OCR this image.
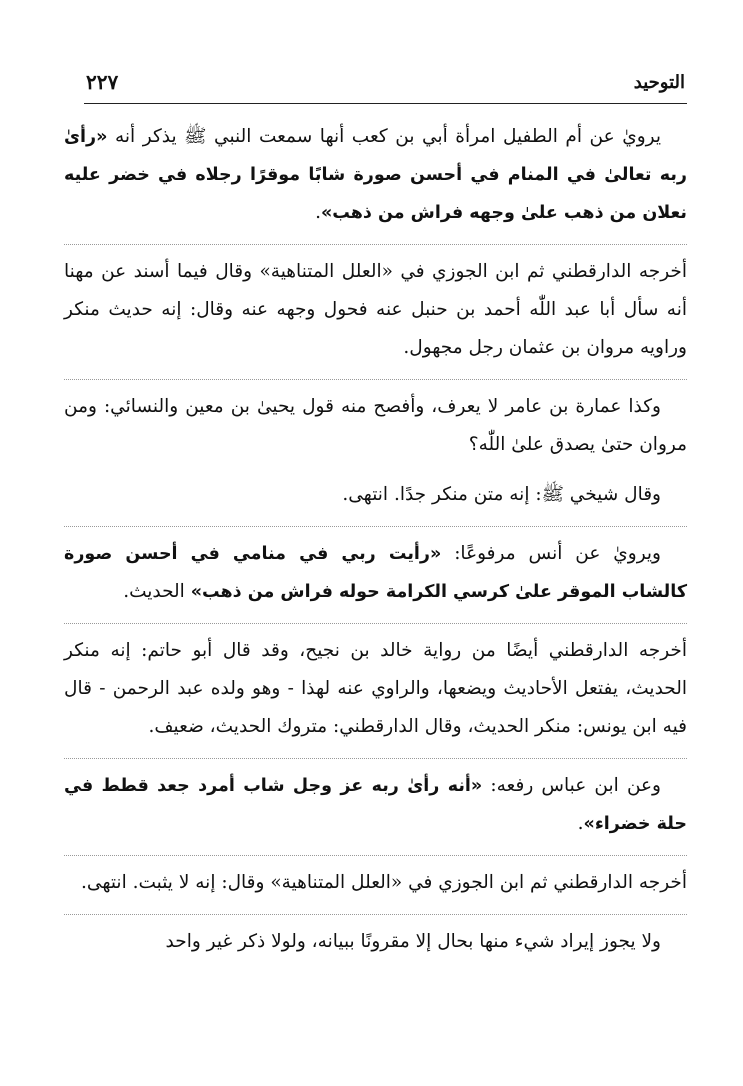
التوحيد
٢٢٧

يرويٰ عن أم الطفيل امرأة أبي بن كعب أنها سمعت النبي ﷺ يذكر أنه «رأىٰ ربه تعالىٰ في المنام في أحسن صورة شابًا موقرًا رجلاه في خضر عليه نعلان من ذهب علىٰ وجهه فراش من ذهب».

أخرجه الدارقطني ثم ابن الجوزي في «العلل المتناهية» وقال فيما أسند عن مهنا أنه سأل أبا عبد اللّٰه أحمد بن حنبل عنه فحول وجهه عنه وقال: إنه حديث منكر وراويه مروان بن عثمان رجل مجهول.

وكذا عمارة بن عامر لا يعرف، وأفصح منه قول يحيىٰ بن معين والنسائي: ومن مروان حتىٰ يصدق علىٰ اللّٰه؟

وقال شيخي ﷺ: إنه متن منكر جدًا. انتهى.

ويرويٰ عن أنس مرفوعًا: «رأيت ربي في منامي في أحسن صورة كالشاب الموقر علىٰ كرسي الكرامة حوله فراش من ذهب» الحديث.

أخرجه الدارقطني أيضًا من رواية خالد بن نجيح، وقد قال أبو حاتم: إنه منكر الحديث، يفتعل الأحاديث ويضعها، والراوي عنه لهذا - وهو ولده عبد الرحمن - قال فيه ابن يونس: منكر الحديث، وقال الدارقطني: متروك الحديث، ضعيف.

وعن ابن عباس رفعه: «أنه رأىٰ ربه عز وجل شاب أمرد جعد قطط في حلة خضراء».

أخرجه الدارقطني ثم ابن الجوزي في «العلل المتناهية» وقال: إنه لا يثبت. انتهى.

ولا يجوز إيراد شيء منها بحال إلا مقرونًا ببيانه، ولولا ذكر غير واحد
